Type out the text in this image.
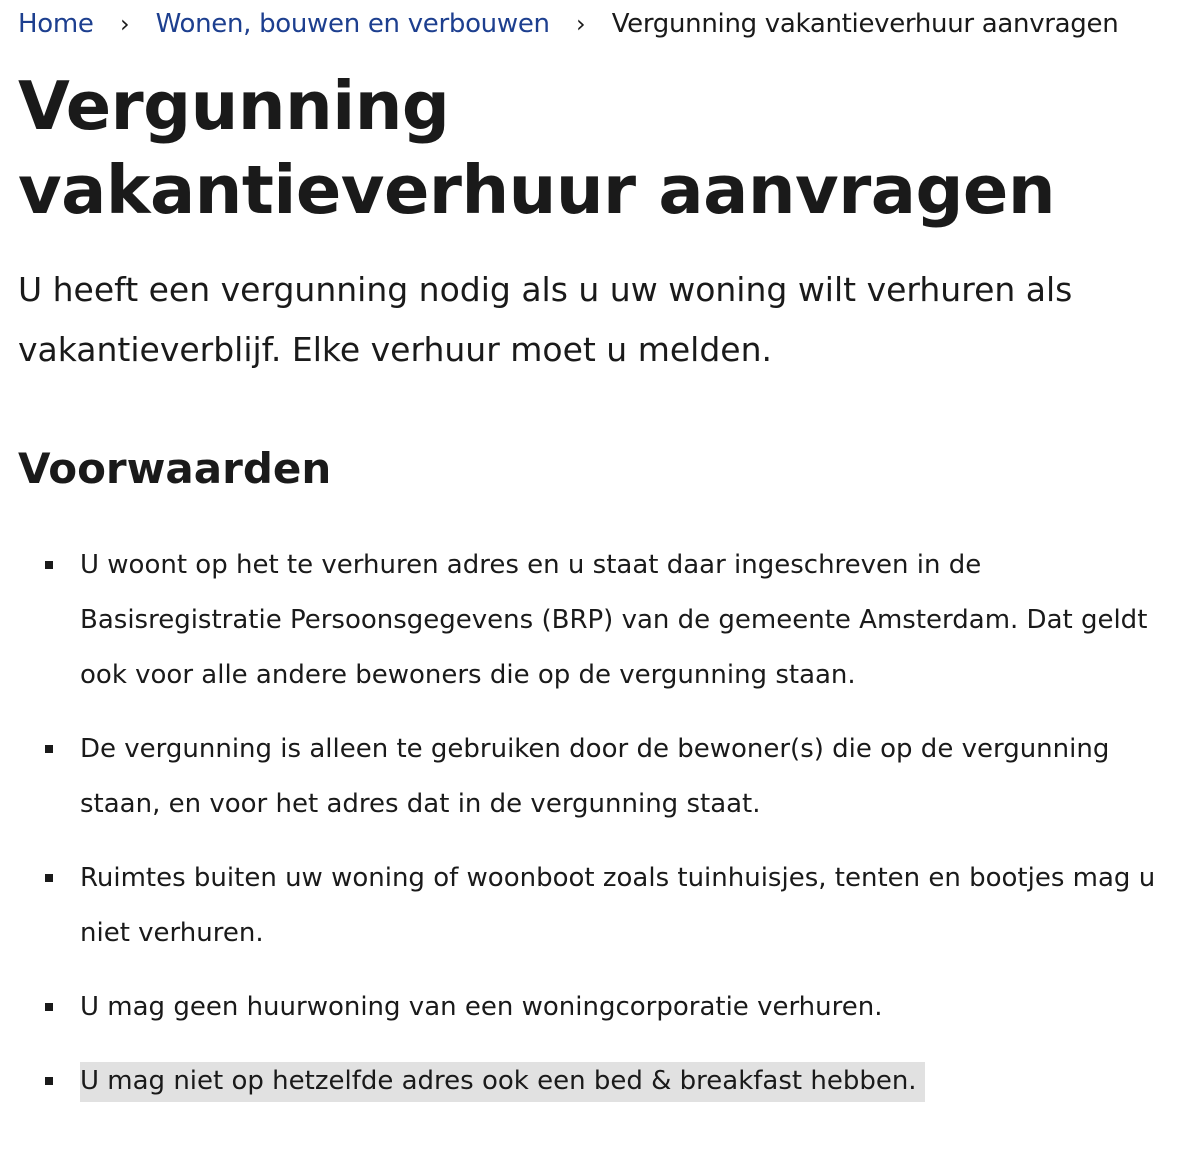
Home	›	Wonen, bouwen en verbouwen	›	Vergunning vakantieverhuur aanvragen
Vergunning vakantieverhuur aanvragen

U heeft een vergunning nodig als u uw woning wilt verhuren als vakantieverblijf. Elke verhuur moet u melden.

Voorwaarden
U woont op het te verhuren adres en u staat daar ingeschreven in de Basisregistratie Persoonsgegevens (BRP) van de gemeente Amsterdam. Dat geldt ook voor alle andere bewoners die op de vergunning staan.
De vergunning is alleen te gebruiken door de bewoner(s) die op de vergunning staan, en voor het adres dat in de vergunning staat.
Ruimtes buiten uw woning of woonboot zoals tuinhuisjes, tenten en bootjes mag u niet verhuren.
U mag geen huurwoning van een woningcorporatie verhuren.
U mag niet op hetzelfde adres ook een bed & breakfast hebben.
